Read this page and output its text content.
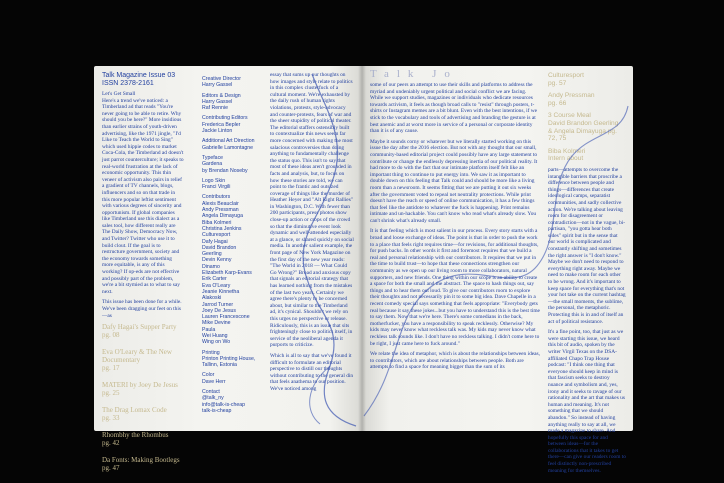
Talk Magazine Issue 03
ISSN 2378-2161
Let's Get Small

Here's a trend we've noticed: a Timberland ad that reads "You're never going to be able to retire. Why should you be here?" More insidious than earlier strains of youth-driven advertising, like the 1971 jingle, "I'd Like to Teach the World to Sing" which used hippie codes to market Coca-Cola, the Timberland ad doesn't just parrot counterculture; it speaks to real-world frustration at the lack of economic opportunity. This thin veneer of activism also pairs in relief a gradient of TV channels, blogs, influencers and so on that trade in this more popular leftist sentiment with various degrees of sincerity and opportunism. If global companies like Timberland use this dialect as a sales tool, how different really are The Daily Show, Democracy Now, and Twitter? Twitter who use it to build clout. If the goal is to restructure government, society and the economy towards something more equitable, is any of this working? If op-eds are not effective and possibly part of the problem, we're a bit stymied as to what to say next.

This issue has been done for a while. We've been dragging our feet on this—as

Dafy Hagai's Supper Party
pg. 08
Eva O'Leary & The New Documentary
pg. 17
MATERI by Joey De Jesus
pg. 25
The Drag Lomax Code
pg. 33
Rhombhy the Rhombus
pg. 42
Da Fonts: Making Bootlegs
pg. 47
Creative Director
Harry Gassel
Editors & Design
Harry Gassel
Raf Rennie
Contributing Editors
Frederica Bepler
Jackie Linton
Additional Art Direction
Gabrielle Lamontagne
Typeface
Gardena
by Brendan Noseby
Logo Skin
Franci Virgili
Contributors
Alexis Beauclair
Andy Pressman
Angela Dimayuga
Biba Kolmeri
Christina Jenkins
Culturesport
Dafy Hagai
David Brandon
Geerling
Devin Kenny
Dinamo
Elizabeth Karp-Evans
Erik Carter
Eva O'Leary
Jeanie Kinnetha
Alakoski
Jarrod Turner
Joey De Jesus
Lauren Francescone
Mike Devine
Paula
Wei Huang
Wing on Wo
Printing
Printon Printing House, Tallinn, Estonia
Color
Dave Herr
Contact
@talk_ny
info@talk-is-cheap
talk-is-cheap

essay that sums up our thoughts on how images and style relate to politics in this complex clusterfuck of a cultural moment. We're exhausted by the daily rush of human rights violations, protests, style-advocacy and counter-protests, fears of war and the sheer stupidity of political theater. The editorial staffers ostensibly built to contextualize this news seem far more concerned with making the most salacious controversies than doing anything to fundamentally challenge the status quo. This isn't to say that most of these ideas aren't grounded in facts and analysis, but, to focus on how these stories are told, we can point to the frantic and outsized coverage of things like the murder of Heather Heyer and "Alt Right Rallies" in Washington, D.C. With fewer than 200 participants, press photos show close-up action or crops of the crowd so that the diminutive event look dynamic and well-attended especially at a glance, or shared quickly on social media. In another salient example, the front page of New York Magazine on the first day of the new year reads: "The World in 2018 — What Could Go Wrong?" Broad and anxious copy that signals an editorial strategy that has learned nothing from the mistakes of the last two years. Certainly we agree there's plenty to be concerned about, but similar to the Timberland ad, it's cynical. Shouldn't we rely on this urges no perspective or release. Ridiculously, this is an issue that sits frighteningly close to politics itself, in service of the neoliberal agenda it purports to criticize.

Which is all to say that we've found it difficult to formulate an editorial perspective to distill our thoughts without contributing to the general din that feels anathema to our position. We've noticed among

Talk Jo

some of our peers an attempt to use their skills and platforms to address the myriad and undeniably urgent political and social conflict we are facing. While we support studies, magazines or individuals who dedicate resources towards activism, it feels as though broad calls to "resist" through posters, t-shirts or Instagram memes are a bit blunt. Even with the best intentions, if we stick to the vocabulary and tools of advertising and branding the gesture is at best anemic and at worst more in service of a personal or corporate identity than it is of any cause.

Maybe it sounds corny or whatever but we literally started working on this issue the day after the 2016 election. But not with any thought that our small, community-based editorial project could possibly have any large statement to contribute or change the endlessly depressing inertia of our political reality. It had more to do with the fact that our intimate platform itself felt like an important thing to continue to put energy into. We saw it as important to double down on this feeling that Talk could and should be more like a living room than a newsroom. It seems fitting that we are putting it out six weeks after the government voted to repeal net neutrality protections. While print doesn't have the reach or speed of online communication, it has a few things that feel like the antidote to whatever the fuck is happening. Print remains intimate and un-hackable. You can't know who read what's already slow. You can't shrink what's already small.

It is that feeling which is most salient in our process. Every story starts with a broad and loose exchange of ideas. The point is that in order to push the work to a place that feels right requires time—for revisions, for additional thoughts, for push backs. In other words it first and foremost requires that we build a real and personal relationship with our contributors. It requires that we put in the time to build trust—to hope that these connections strengthen our community as we open up our living room to more collaborators, natural supporters, and new friends. One thing within our scope is an ability to create a space for both the small and the abstract. The space to hash things out, say things and to hear them out loud. To give our contributors room to explore their thoughts and not necessarily pin it to some big idea. Dave Chapelle in a recent comedy special says something that feels appropriate: "Everybody gets real because it say these jokes...but you have to understand this is the best time to say them. Now that we're here. There's some comedians in the back, motherfucker, you have a responsibility to speak recklessly. Otherwise? My kids may never know what reckless talk was. My kids may never know what reckless talk sounds like. I don't have no reckless talking. I didn't come here to be right, I just came here to fuck around."

We relate the idea of metaphor, which is about the relationships between ideas, to contributors, which are about relationships between people. Both are attempts to find a space for meaning bigger than the sum of its

Culturesport
pg. 57
Andy Pressman
pg. 66
3 Course Meal
David Brandon Geerling
& Angela Dimayuga pg. 72, 75
Biba Kolmeri
Intern about

parts—attempts to overcome the intangible barriers that proscribe a difference between people and things—differences that create ideological camps, separatist communities, and sadly collective action. We're talking about leaving room for disagreement or contradiction—not in the vague, bi-partisan, "you gotta hear both sides" spirit but in the sense that our world is complicated and constantly shifting and sometimes the right answer is "I don't know." Maybe we don't need to respond to everything right away. Maybe we need to make room for each other to be wrong. And it's important to keep space for everything that's not your hot take on the current hashtag—the small moments, the sublime, the personal, the metaphoric. Protecting this is in and of itself an act of political resistance.

It's a fine point, too, that just as we were starting this issue, we heard this bit of audio, spoken by the writer Virgil Texas on the DSA-affiliated Chapo Trap House podcast: "I think one thing that everyone should keep in mind is that fascism seeks to destroy nuance and symbolism and, yes, irony and it seeks to ravage of our rationality and the art that makes us human and meaning. It's not something that we should abandon." So instead of having anything really to say at all, we made a magazine to share. And hopefully this space for and between ideas—for the collaborations that it takes to get there—can give our readers room to feel distinctly non-prescribed meaning for themselves.
